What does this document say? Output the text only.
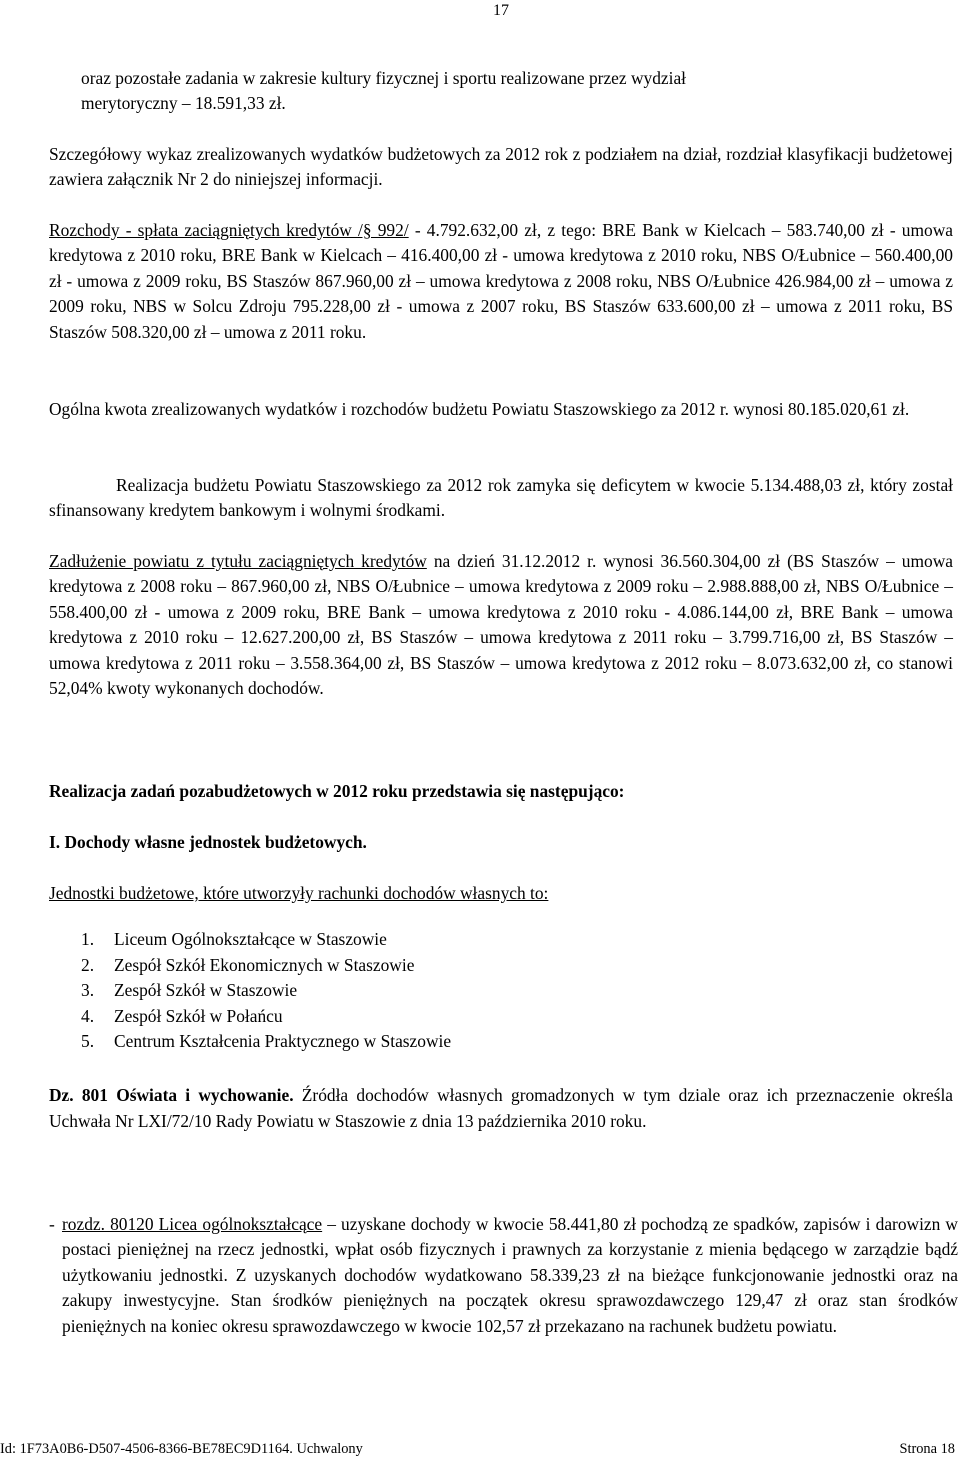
17
oraz pozostałe zadania w zakresie kultury fizycznej i sportu realizowane przez wydział
merytoryczny – 18.591,33 zł.
Szczegółowy wykaz zrealizowanych wydatków budżetowych za 2012 rok z podziałem na dział, rozdział klasyfikacji budżetowej zawiera załącznik Nr 2 do niniejszej informacji.
Rozchody - spłata zaciągniętych kredytów /§ 992/ - 4.792.632,00 zł, z tego: BRE Bank w Kielcach – 583.740,00 zł - umowa kredytowa z 2010 roku, BRE Bank w Kielcach – 416.400,00 zł - umowa kredytowa z 2010 roku, NBS O/Łubnice – 560.400,00 zł - umowa z 2009 roku, BS Staszów 867.960,00 zł – umowa kredytowa z 2008 roku, NBS O/Łubnice 426.984,00 zł – umowa z 2009 roku, NBS w Solcu Zdroju 795.228,00 zł - umowa z 2007 roku, BS Staszów 633.600,00 zł – umowa z 2011 roku, BS Staszów 508.320,00 zł – umowa z 2011 roku.
Ogólna kwota zrealizowanych wydatków i rozchodów budżetu Powiatu Staszowskiego za 2012 r. wynosi 80.185.020,61 zł.
Realizacja budżetu Powiatu Staszowskiego za 2012 rok zamyka się deficytem w kwocie 5.134.488,03 zł, który został sfinansowany kredytem bankowym i wolnymi środkami.
Zadłużenie powiatu z tytułu zaciągniętych kredytów na dzień 31.12.2012 r. wynosi 36.560.304,00 zł (BS Staszów – umowa kredytowa z 2008 roku – 867.960,00 zł, NBS O/Łubnice – umowa kredytowa z 2009 roku – 2.988.888,00 zł, NBS O/Łubnice – 558.400,00 zł - umowa z 2009 roku, BRE Bank – umowa kredytowa z 2010 roku - 4.086.144,00 zł, BRE Bank – umowa kredytowa z 2010 roku – 12.627.200,00 zł, BS Staszów – umowa kredytowa z 2011 roku – 3.799.716,00 zł, BS Staszów – umowa kredytowa z 2011 roku – 3.558.364,00 zł, BS Staszów – umowa kredytowa z 2012 roku – 8.073.632,00 zł, co stanowi 52,04% kwoty wykonanych dochodów.
Realizacja zadań pozabudżetowych w 2012 roku przedstawia się następująco:
I. Dochody własne jednostek budżetowych.
Jednostki budżetowe, które utworzyły rachunki dochodów własnych to:
1.	Liceum Ogólnokształcące w Staszowie
2.	Zespół Szkół Ekonomicznych w Staszowie
3.	Zespół Szkół w Staszowie
4.	Zespół Szkół w Połańcu
5.	Centrum Kształcenia Praktycznego w Staszowie
Dz. 801 Oświata i wychowanie. Źródła dochodów własnych gromadzonych w tym dziale oraz ich przeznaczenie określa Uchwała Nr LXI/72/10 Rady Powiatu w Staszowie z dnia 13 października 2010 roku.
- rozdz. 80120 Licea ogólnokształcące – uzyskane dochody w kwocie 58.441,80 zł pochodzą ze spadków, zapisów i darowizn w postaci pieniężnej na rzecz jednostki, wpłat osób fizycznych i prawnych za korzystanie z mienia będącego w zarządzie bądź użytkowaniu jednostki. Z uzyskanych dochodów wydatkowano 58.339,23 zł na bieżące funkcjonowanie jednostki oraz na zakupy inwestycyjne. Stan środków pieniężnych na początek okresu sprawozdawczego 129,47 zł oraz stan środków pieniężnych na koniec okresu sprawozdawczego w kwocie 102,57 zł przekazano na rachunek budżetu powiatu.
Id: 1F73A0B6-D507-4506-8366-BE78EC9D1164. Uchwalony	Strona 18
